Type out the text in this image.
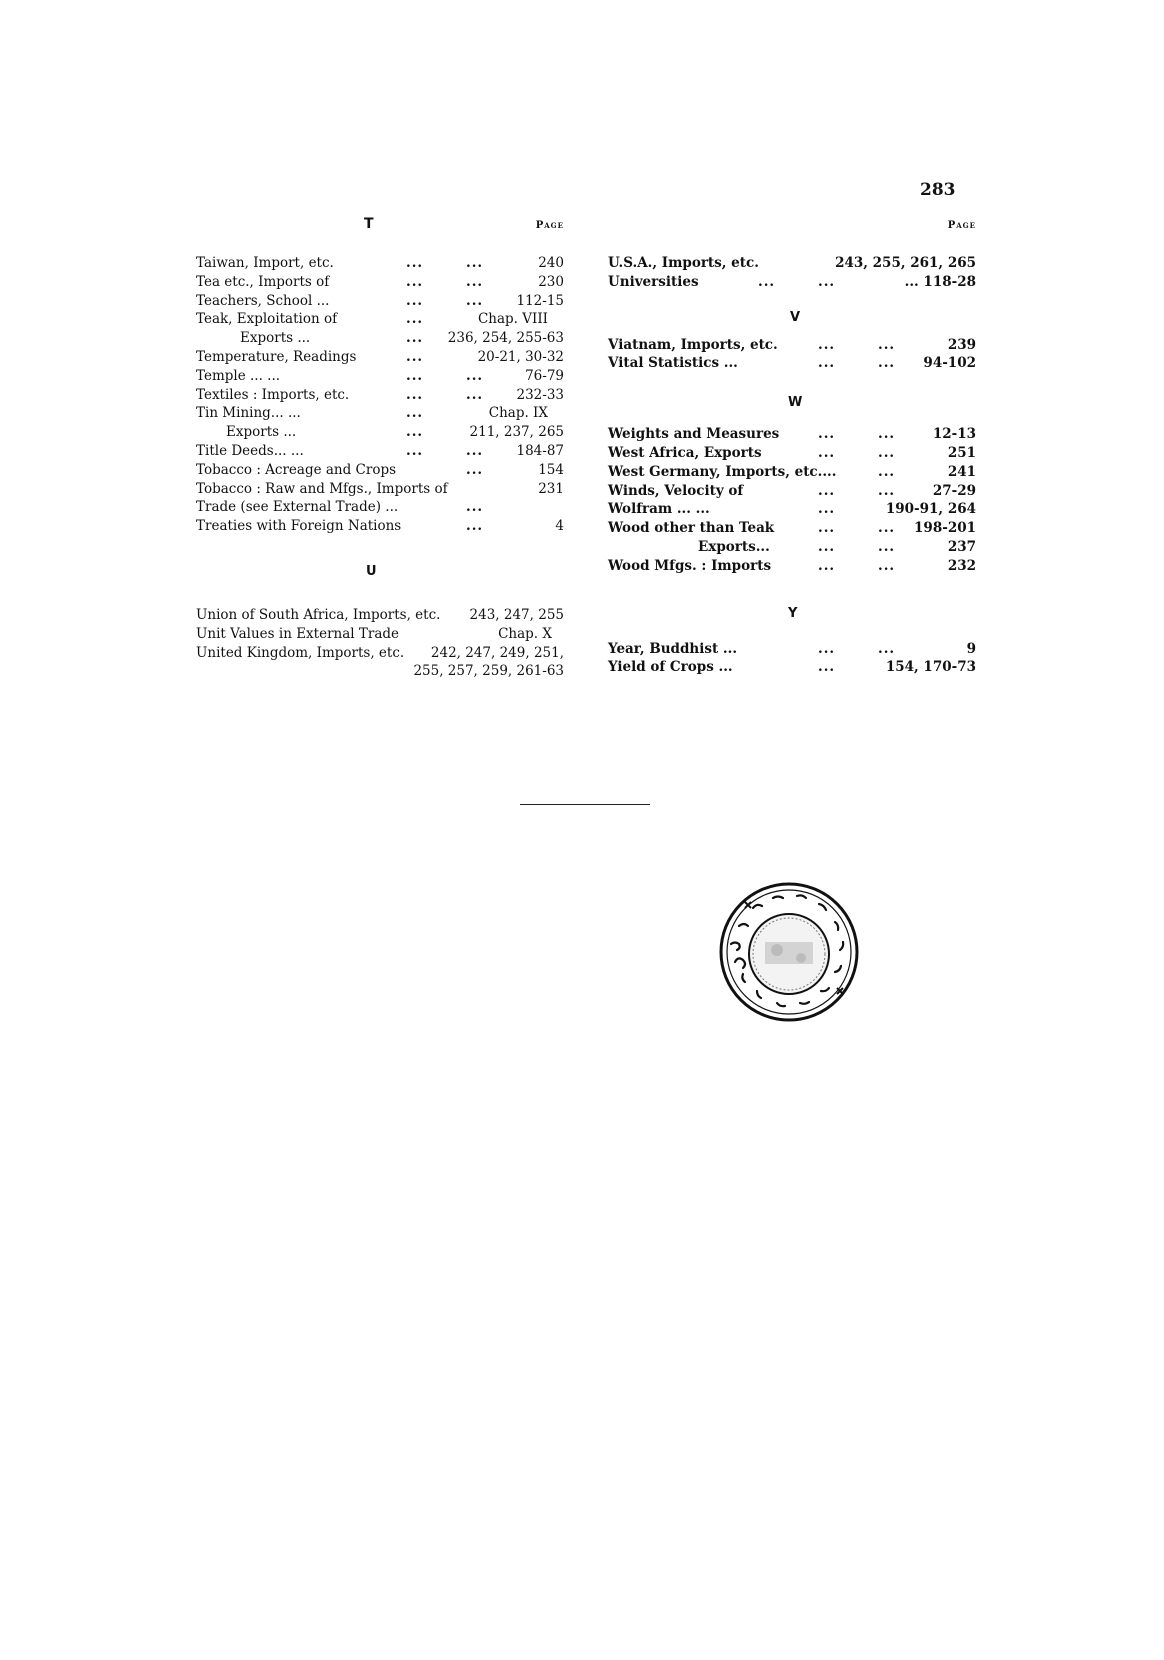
283
T	Page
Taiwan, Import, etc.	...	...	240
Tea etc., Imports of	...	...	230
Teachers, School ...	...	... 112-15
Teak, Exploitation of	...	Chap. VIII
Exports ...	... 236, 254, 255-63
Temperature, Readings	...	20-21, 30-32
Temple ... ...	...	...	76-79
Textiles : Imports, etc.	...	... 232-33
Tin Mining... ...	...	Chap. IX
Exports ...	...	211, 237, 265
Title Deeds... ...	...	... 184-87
Tobacco : Acreage and Crops	...	154
Tobacco : Raw and Mfgs., Imports of	231
Trade (see External Trade) ...	...
Treaties with Foreign Nations	...	4
U
Union of South Africa, Imports, etc. 243, 247, 255
Unit Values in External Trade	Chap. X
United Kingdom, Imports, etc. 242, 247, 249, 251,
255, 257, 259, 261-63
Page
U.S.A., Imports, etc.	243, 255, 261, 265
Universities	...	...	... 118-28
V
Viatnam, Imports, etc.	...	...	239
Vital Statistics ...	...	... 94-102
W
Weights and Measures	...	...	12-13
West Africa, Exports	...	...	251
West Germany, Imports, etc....	...	241
Winds, Velocity of	...	...	27-29
Wolfram ... ...	...	190-91, 264
Wood other than Teak	...	... 198-201
Exports...	...	...	237
Wood Mfgs. : Imports	...	...	232
Y
Year, Buddhist ...	...	...	9
Yield of Crops ...	...	154, 170-73
